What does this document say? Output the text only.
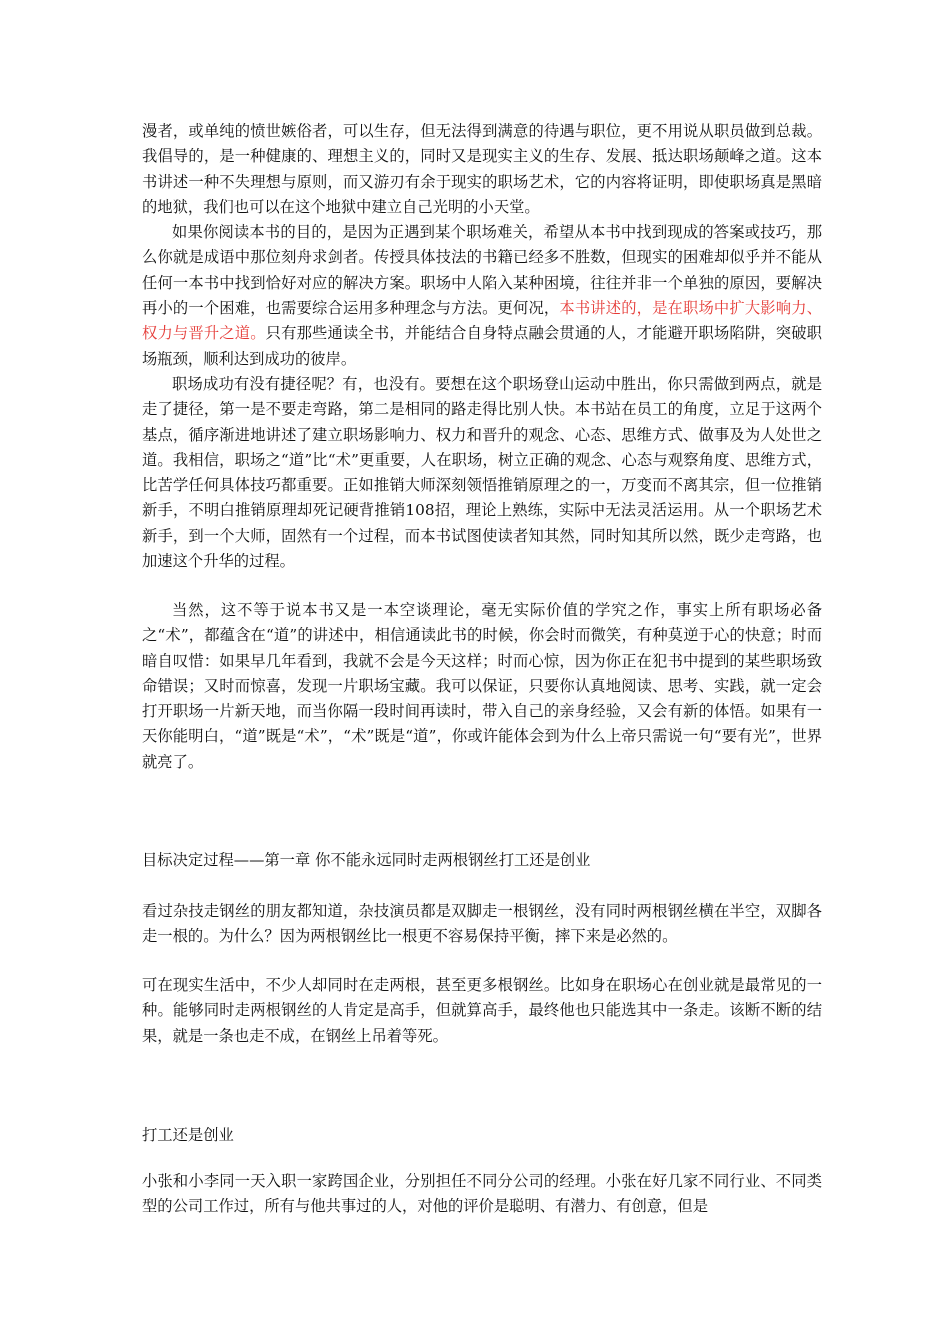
漫者，或单纯的愤世嫉俗者，可以生存，但无法得到满意的待遇与职位，更不用说从职员做到总裁。我倡导的，是一种健康的、理想主义的，同时又是现实主义的生存、发展、抵达职场颠峰之道。这本书讲述一种不失理想与原则，而又游刃有余于现实的职场艺术，它的内容将证明，即使职场真是黑暗的地狱，我们也可以在这个地狱中建立自己光明的小天堂。

如果你阅读本书的目的，是因为正遇到某个职场难关，希望从本书中找到现成的答案或技巧，那么你就是成语中那位刻舟求剑者。传授具体技法的书籍已经多不胜数，但现实的困难却似乎并不能从任何一本书中找到恰好对应的解决方案。职场中人陷入某种困境，往往并非一个单独的原因，要解决再小的一个困难，也需要综合运用多种理念与方法。更何况，本书讲述的，是在职场中扩大影响力、权力与晋升之道。只有那些通读全书，并能结合自身特点融会贯通的人，才能避开职场陷阱，突破职场瓶颈，顺利达到成功的彼岸。

职场成功有没有捷径呢？有，也没有。要想在这个职场登山运动中胜出，你只需做到两点，就是走了捷径，第一是不要走弯路，第二是相同的路走得比别人快。本书站在员工的角度，立足于这两个基点，循序渐进地讲述了建立职场影响力、权力和晋升的观念、心态、思维方式、做事及为人处世之道。我相信，职场之“道”比“术”更重要，人在职场，树立正确的观念、心态与观察角度、思维方式，比苦学任何具体技巧都重要。正如推销大师深刻领悟推销原理之的一，万变而不离其宗，但一位推销新手，不明白推销原理却死记硬背推销108招，理论上熟练，实际中无法灵活运用。从一个职场艺术新手，到一个大师，固然有一个过程，而本书试图使读者知其然，同时知其所以然，既少走弯路，也加速这个升华的过程。

当然，这不等于说本书又是一本空谈理论，毫无实际价值的学究之作，事实上所有职场必备之“术”，都蕴含在“道”的讲述中，相信通读此书的时候，你会时而微笑，有种莫逆于心的快意；时而暗自叹惜：如果早几年看到，我就不会是今天这样；时而心惊，因为你正在犯书中提到的某些职场致命错误；又时而惊喜，发现一片职场宝藏。我可以保证，只要你认真地阅读、思考、实践，就一定会打开职场一片新天地，而当你隔一段时间再读时，带入自己的亲身经验，又会有新的体悟。如果有一天你能明白，“道”既是“术”，“术”既是“道”，你或许能体会到为什么上帝只需说一句“要有光”，世界就亮了。

目标决定过程——第一章 你不能永远同时走两根钢丝打工还是创业

看过杂技走钢丝的朋友都知道，杂技演员都是双脚走一根钢丝，没有同时两根钢丝横在半空，双脚各走一根的。为什么？因为两根钢丝比一根更不容易保持平衡，摔下来是必然的。

可在现实生活中，不少人却同时在走两根，甚至更多根钢丝。比如身在职场心在创业就是最常见的一种。能够同时走两根钢丝的人肯定是高手，但就算高手，最终他也只能选其中一条走。该断不断的结果，就是一条也走不成，在钢丝上吊着等死。

打工还是创业

小张和小李同一天入职一家跨国企业，分别担任不同分公司的经理。小张在好几家不同行业、不同类型的公司工作过，所有与他共事过的人，对他的评价是聪明、有潜力、有创意，但是
